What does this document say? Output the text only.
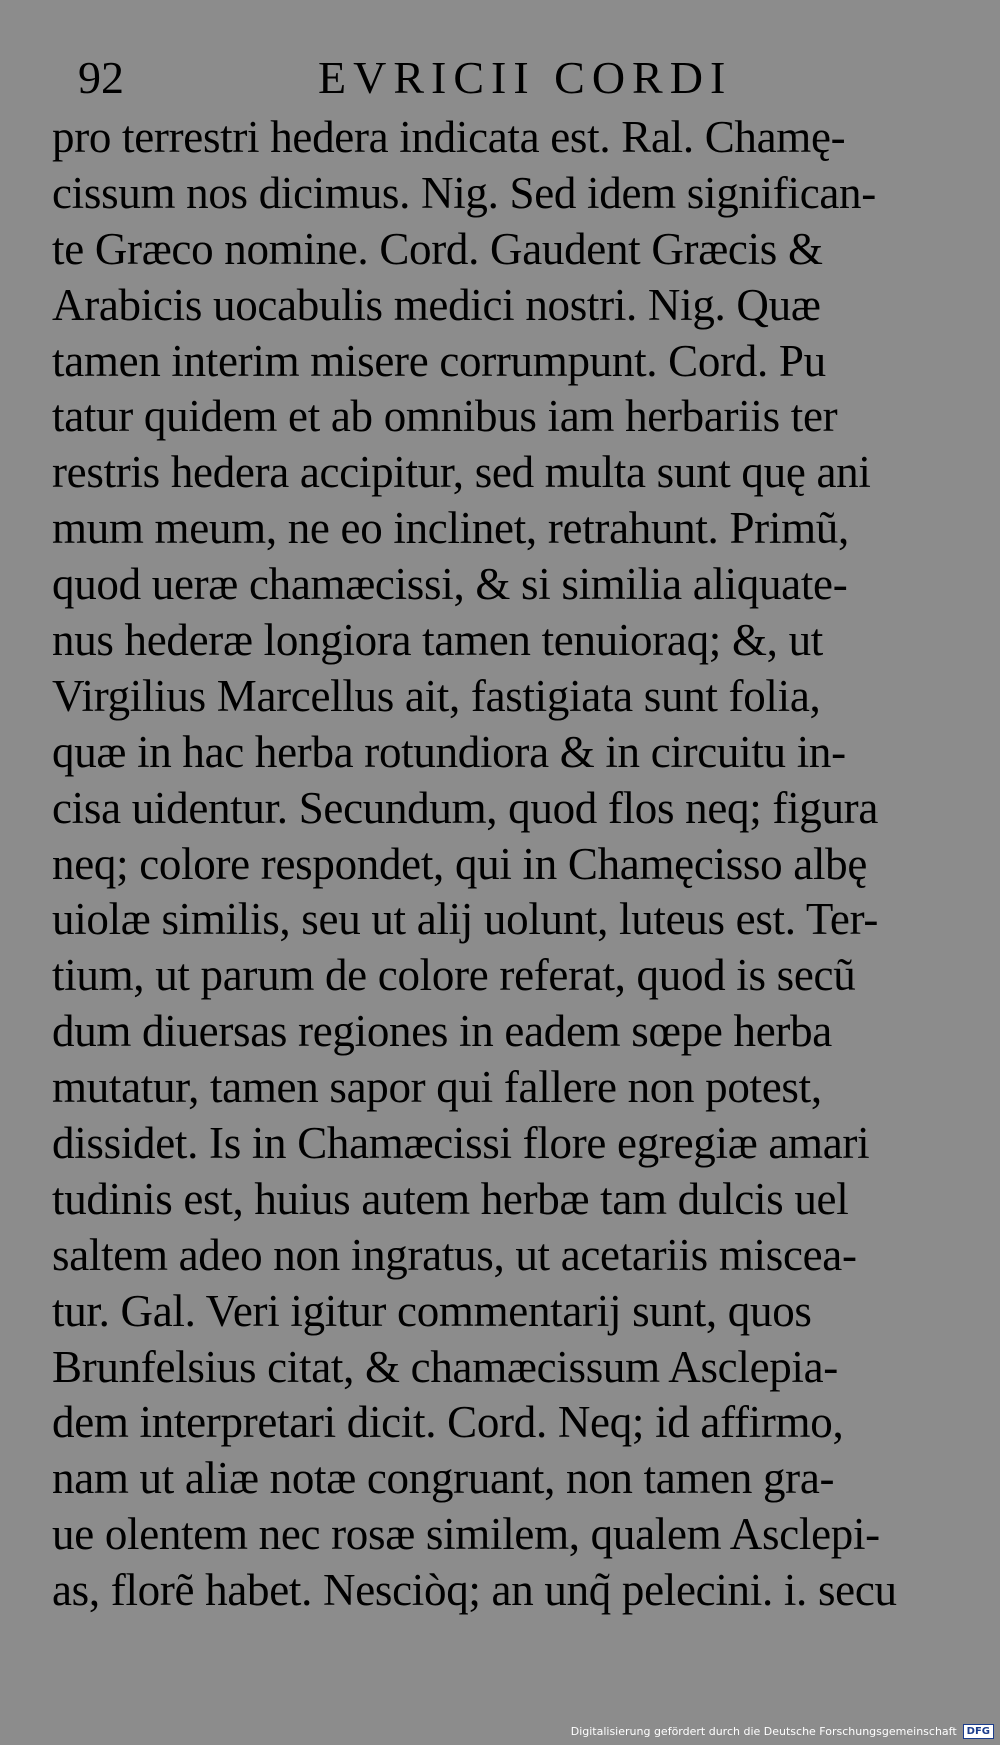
92	EVRICII CORDI
pro terrestri hedera indicata est. Ral. Chamę-
cissum nos dicimus. Nig. Sed idem significan-
te Græco nomine. Cord. Gaudent Græcis &
Arabicis uocabulis medici nostri. Nig. Quæ
tamen interim misere corrumpunt. Cord. Pu
tatur quidem et ab omnibus iam herbariis ter
restris hedera accipitur, sed multa sunt quę ani
mum meum, ne eo inclinet, retrahunt. Primũ,
quod ueræ chamæcissi, & si similia aliquate-
nus hederæ longiora tamen tenuioraq; &, ut
Virgilius Marcellus ait, fastigiata sunt folia,
quæ in hac herba rotundiora & in circuitu in-
cisa uidentur. Secundum, quod flos neq; figura
neq; colore respondet, qui in Chamęcisso albę
uiolæ similis, seu ut alij uolunt, luteus est. Ter-
tium, ut parum de colore referat, quod is secũ
dum diuersas regiones in eadem sœpe herba
mutatur, tamen sapor qui fallere non potest,
dissidet. Is in Chamæcissi flore egregiæ amari
tudinis est, huius autem herbæ tam dulcis uel
saltem adeo non ingratus, ut acetariis misceа-
tur. Gal. Veri igitur commentarij sunt, quos
Brunfelsius citat, & chamæcissum Asclepia-
dem interpretari dicit. Cord. Neq; id affirmo,
nam ut aliæ notæ congruant, non tamen gra-
ue olentem nec rosæ similem, qualem Asclepi-
as, florẽ habet. Nesciòq; an unq̃ pelecini. i. secu
Digitalisierung gefördert durch die Deutsche Forschungsgemeinschaft	DFG
